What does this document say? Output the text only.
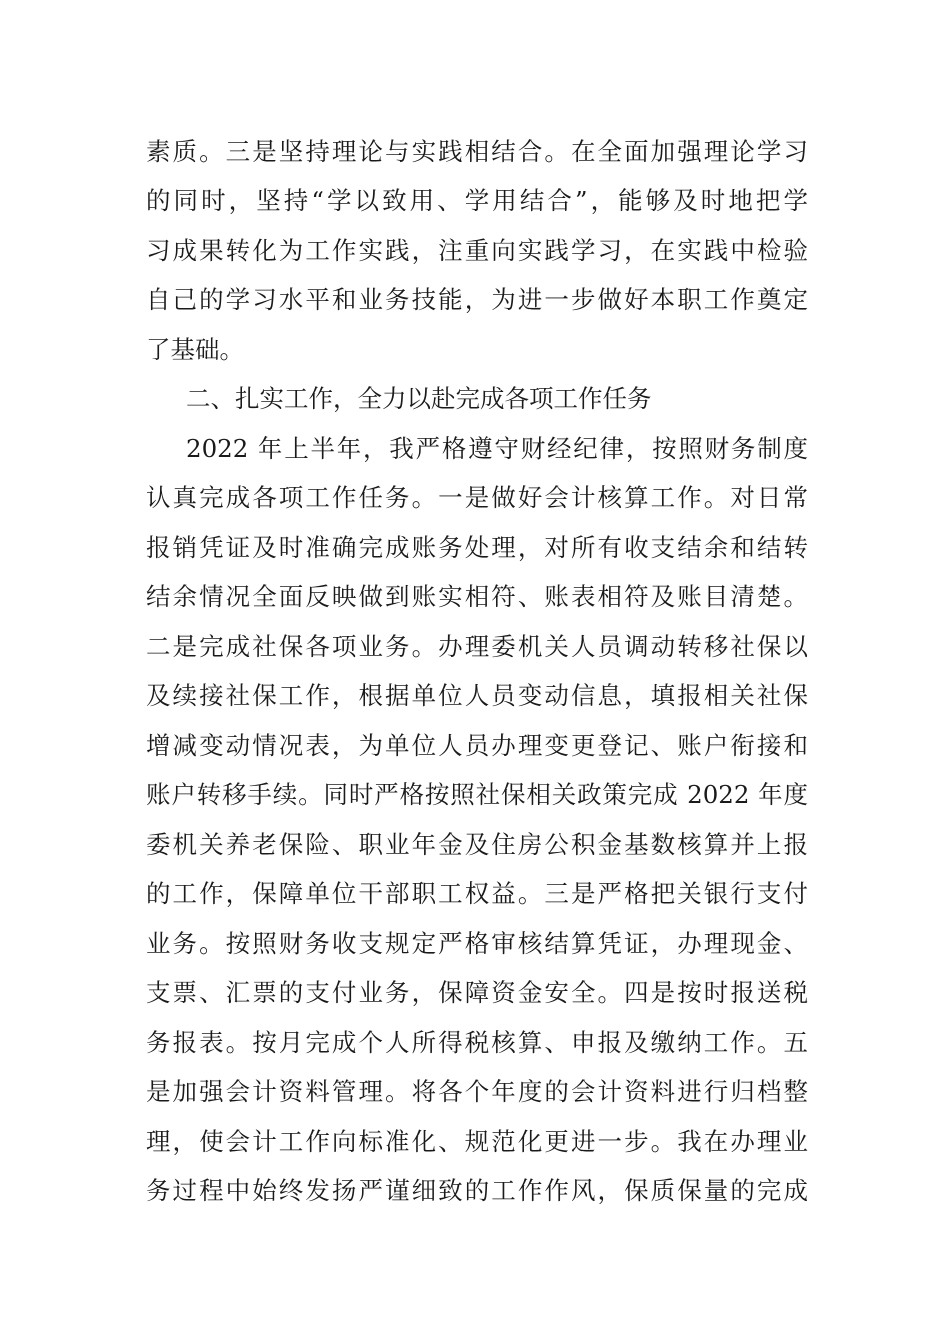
素质。三是坚持理论与实践相结合。在全面加强理论学习
的同时，坚持“学以致用、学用结合”，能够及时地把学
习成果转化为工作实践，注重向实践学习，在实践中检验
自己的学习水平和业务技能，为进一步做好本职工作奠定
了基础。
二、扎实工作，全力以赴完成各项工作任务
2022 年上半年，我严格遵守财经纪律，按照财务制度
认真完成各项工作任务。一是做好会计核算工作。对日常
报销凭证及时准确完成账务处理，对所有收支结余和结转
结余情况全面反映做到账实相符、账表相符及账目清楚。
二是完成社保各项业务。办理委机关人员调动转移社保以
及续接社保工作，根据单位人员变动信息，填报相关社保
增减变动情况表，为单位人员办理变更登记、账户衔接和
账户转移手续。同时严格按照社保相关政策完成 2022 年度
委机关养老保险、职业年金及住房公积金基数核算并上报
的工作，保障单位干部职工权益。三是严格把关银行支付
业务。按照财务收支规定严格审核结算凭证，办理现金、
支票、汇票的支付业务，保障资金安全。四是按时报送税
务报表。按月完成个人所得税核算、申报及缴纳工作。五
是加强会计资料管理。将各个年度的会计资料进行归档整
理，使会计工作向标准化、规范化更进一步。我在办理业
务过程中始终发扬严谨细致的工作作风，保质保量的完成
